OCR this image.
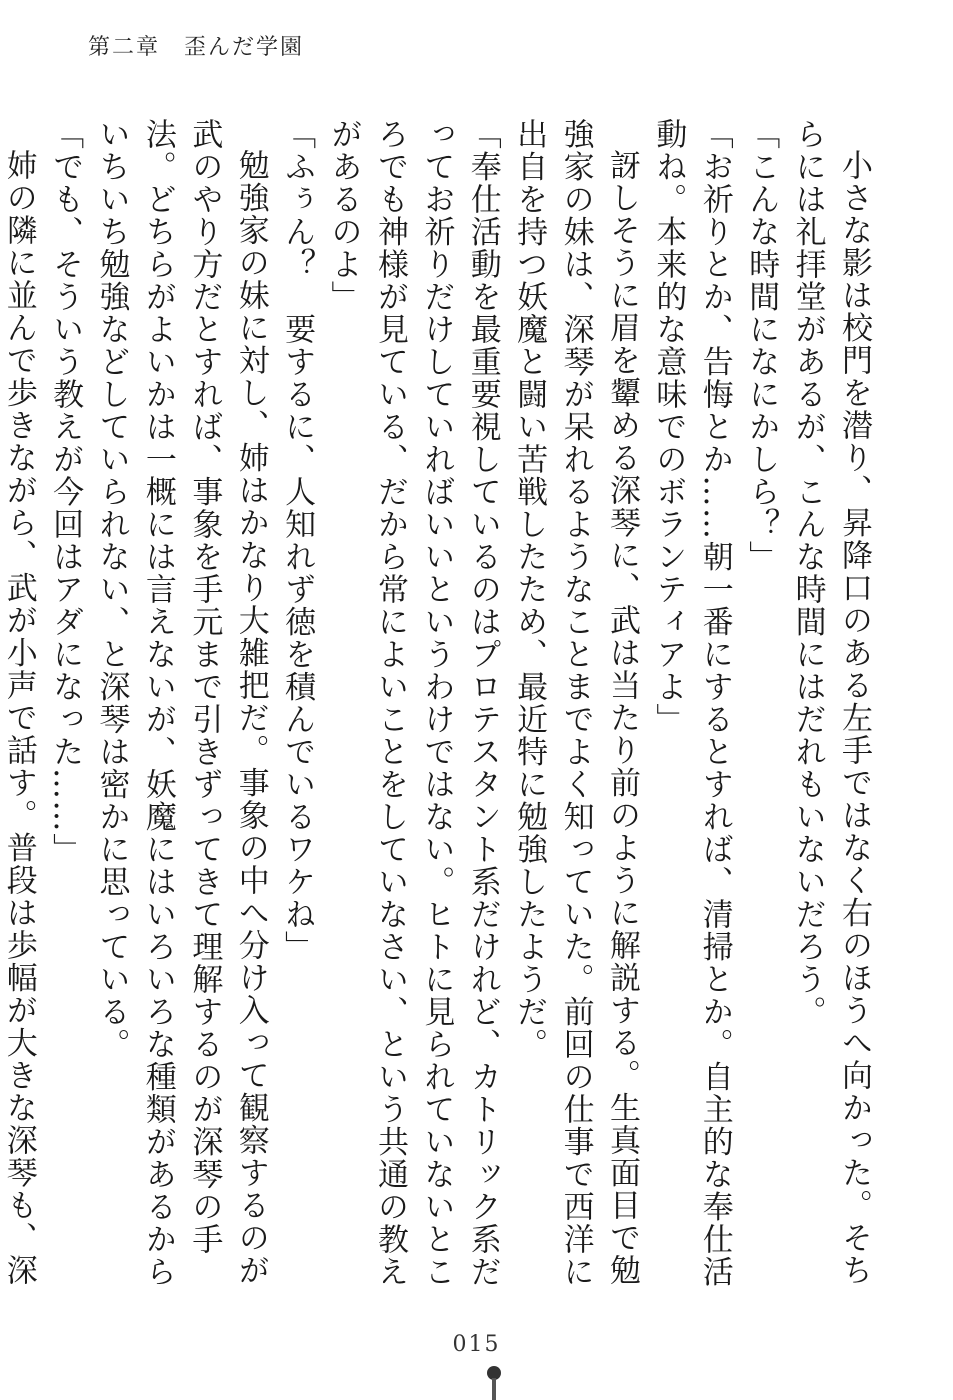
第二章　 歪んだ学園

小さな影は校門を潜り、昇降口のある左手ではなく右のほうへ向かった。そちらには礼拝堂があるが、こんな時間にはだれもいないだろう。

「こんな時間になにかしら？」

「お祈りとか、告悔とか……朝一番にするとすれば、清掃とか。自主的な奉仕活動ね。本来的な意味でのボランティアよ」

訝しそうに眉を顰める深琴に、武は当たり前のように解説する。生真面目で勉強家の妹は、深琴が呆れるようなことまでよく知っていた。前回の仕事で西洋に出自を持つ妖魔と闘い苦戦したため、最近特に勉強したようだ。

「奉仕活動を最重要視しているのはプロテスタント系だけれど、カトリック系だってお祈りだけしていればいいというわけではない。ヒトに見られていないところでも神様が見ている、だから常によいことをしていなさい、という共通の教えがあるのよ」

「ふぅん？　要するに、人知れず徳を積んでいるワケね」

勉強家の妹に対し、姉はかなり大雑把だ。事象の中へ分け入って観察するのが武のやり方だとすれば、事象を手元まで引きずってきて理解するのが深琴の手法。どちらがよいかは一概には言えないが、妖魔にはいろいろな種類があるからいちいち勉強などしていられない、と深琴は密かに思っている。

「でも、そういう教えが今回はアダになった……」

姉の隣に並んで歩きながら、武が小声で話す。普段は歩幅が大きな深琴も、深

015
